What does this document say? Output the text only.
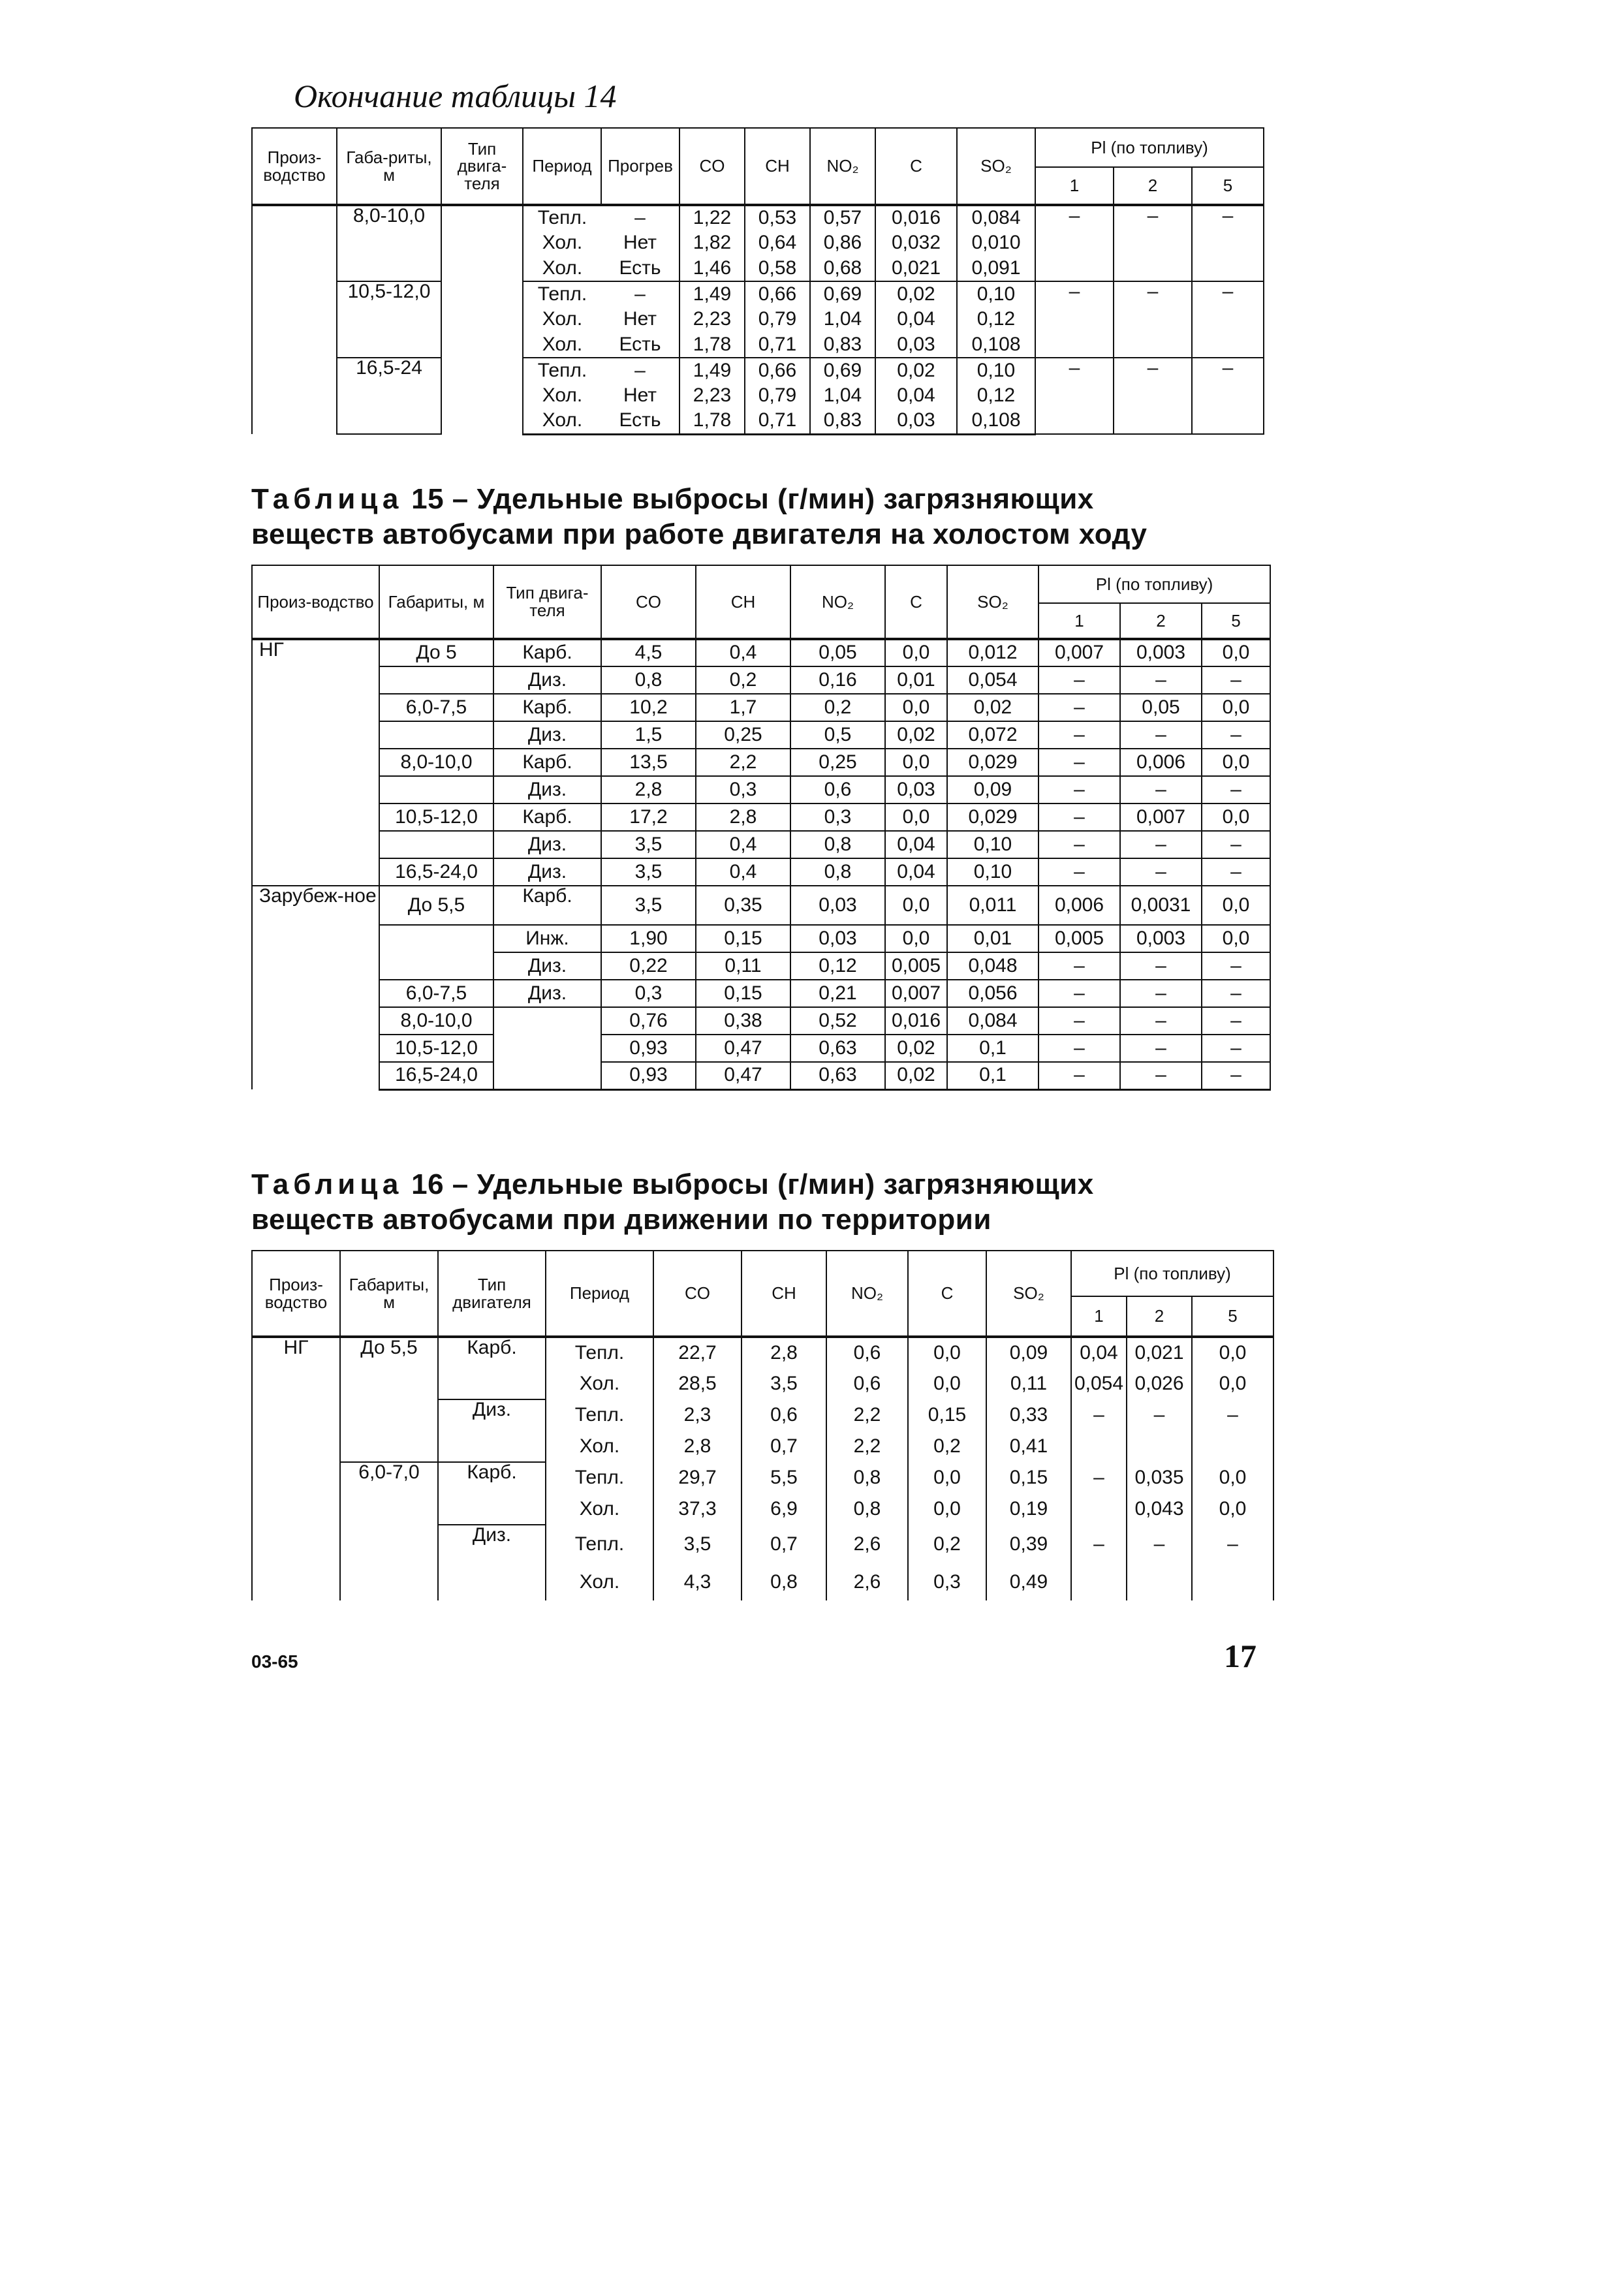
Окончание таблицы 14
Произ-водство	Габа-риты, м	Тип двига-теля	Период	Прогрев	CO	CH	NO₂	C	SO₂	Pl (по топливу)		
										1	2	5
	8,0-10,0		Тепл.	–	1,22	0,53	0,57	0,016	0,084	–	–	–
			Хол.	Нет	1,82	0,64	0,86	0,032	0,010			
			Хол.	Есть	1,46	0,58	0,68	0,021	0,091			
	10,5-12,0		Тепл.	–	1,49	0,66	0,69	0,02	0,10	–	–	–
			Хол.	Нет	2,23	0,79	1,04	0,04	0,12			
			Хол.	Есть	1,78	0,71	0,83	0,03	0,108			
	16,5-24		Тепл.	–	1,49	0,66	0,69	0,02	0,10	–	–	–
			Хол.	Нет	2,23	0,79	1,04	0,04	0,12			
			Хол.	Есть	1,78	0,71	0,83	0,03	0,108			
Таблица 15 – Удельные выбросы (г/мин) загрязняющих
веществ автобусами при работе двигателя на холостом ходу
Произ-водство	Габариты, м	Тип двига-теля	CO	CH	NO₂	C	SO₂	Pl (по топливу)		
								1	2	5
НГ	До 5	Карб.	4,5	0,4	0,05	0,0	0,012	0,007	0,003	0,0
		Диз.	0,8	0,2	0,16	0,01	0,054	–	–	–
	6,0-7,5	Карб.	10,2	1,7	0,2	0,0	0,02	–	0,05	0,0
		Диз.	1,5	0,25	0,5	0,02	0,072	–	–	–
	8,0-10,0	Карб.	13,5	2,2	0,25	0,0	0,029	–	0,006	0,0
		Диз.	2,8	0,3	0,6	0,03	0,09	–	–	–
	10,5-12,0	Карб.	17,2	2,8	0,3	0,0	0,029	–	0,007	0,0
		Диз.	3,5	0,4	0,8	0,04	0,10	–	–	–
	16,5-24,0	Диз.	3,5	0,4	0,8	0,04	0,10	–	–	–
Зарубеж-ное	До 5,5	Карб.	3,5	0,35	0,03	0,0	0,011	0,006	0,0031	0,0
		Инж.	1,90	0,15	0,03	0,0	0,01	0,005	0,003	0,0
		Диз.	0,22	0,11	0,12	0,005	0,048	–	–	–
	6,0-7,5	Диз.	0,3	0,15	0,21	0,007	0,056	–	–	–
	8,0-10,0		0,76	0,38	0,52	0,016	0,084	–	–	–
	10,5-12,0		0,93	0,47	0,63	0,02	0,1	–	–	–
	16,5-24,0		0,93	0,47	0,63	0,02	0,1	–	–	–
Таблица 16 – Удельные выбросы (г/мин) загрязняющих
веществ автобусами при движении по территории
Произ-водство	Габариты, м	Тип двигателя	Период	CO	CH	NO₂	C	SO₂	Pl (по топливу)		
									1	2	5
НГ	До 5,5	Карб.	Тепл.	22,7	2,8	0,6	0,0	0,09	0,04	0,021	0,0
			Хол.	28,5	3,5	0,6	0,0	0,11	0,054	0,026	0,0
		Диз.	Тепл.	2,3	0,6	2,2	0,15	0,33	–	–	–
			Хол.	2,8	0,7	2,2	0,2	0,41			
	6,0-7,0	Карб.	Тепл.	29,7	5,5	0,8	0,0	0,15	–	0,035	0,0
			Хол.	37,3	6,9	0,8	0,0	0,19		0,043	0,0
		Диз.	Тепл.	3,5	0,7	2,6	0,2	0,39	–	–	–
			Хол.	4,3	0,8	2,6	0,3	0,49			
03-65	17
